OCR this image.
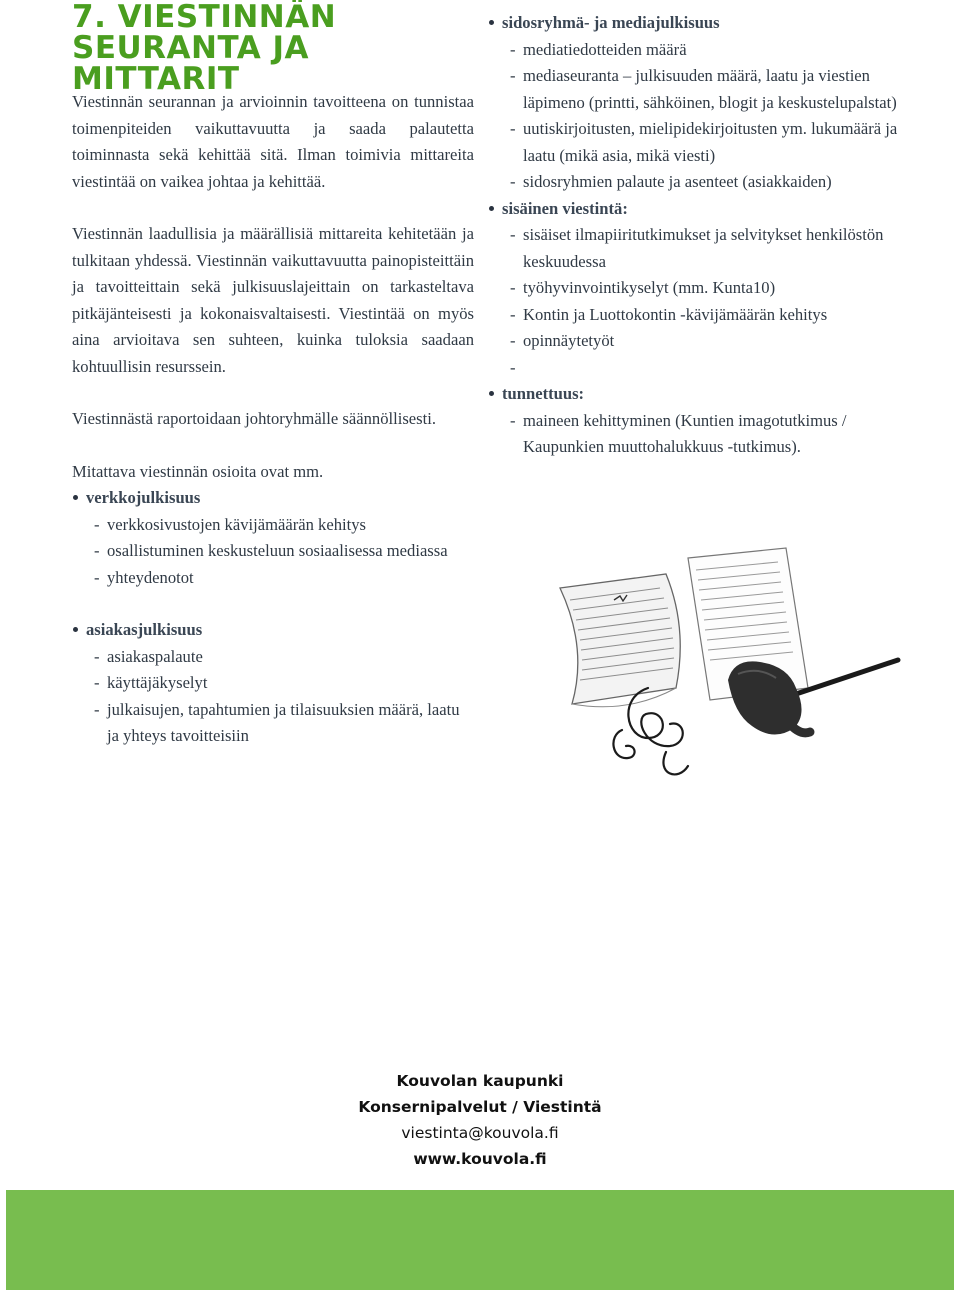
7. VIESTINNÄN
SEURANTA JA MITTARIT

Viestinnän seurannan ja arvioinnin tavoitteena on tunnistaa toimenpiteiden vaikuttavuutta ja saada palautetta toiminnasta sekä kehittää sitä. Ilman toimivia mittareita viestintää on vaikea johtaa ja kehittää.

Viestinnän laadullisia ja määrällisiä mittareita kehitetään ja tulkitaan yhdessä. Viestinnän vaikuttavuutta painopisteittäin ja tavoitteittain sekä julkisuuslajeittain on tarkasteltava pitkäjänteisesti ja kokonaisvaltaisesti. Viestintää on myös aina arvioitava sen suhteen, kuinka tuloksia saadaan kohtuullisin resurssein.

Viestinnästä raportoidaan johtoryhmälle säännöllisesti.

Mitattava viestinnän osioita ovat mm.

verkkojulkisuus
- verkkosivustojen kävijämäärän kehitys
- osallistuminen keskusteluun sosiaalisessa mediassa
- yhteydenotot
asiakasjulkisuus
- asiakaspalaute
- käyttäjäkyselyt
- julkaisujen, tapahtumien ja tilaisuuksien määrä, laatu ja yhteys tavoitteisiin
sidosryhmä- ja mediajulkisuus
- mediatiedotteiden määrä
- mediaseuranta – julkisuuden määrä, laatu ja viestien läpimeno (printti, sähköinen, blogit ja keskustelupalstat)
- uutiskirjoitusten, mielipidekirjoitusten ym. lukumäärä ja laatu (mikä asia, mikä viesti)
- sidosryhmien palaute ja asenteet (asiakkaiden)
sisäinen viestintä:
- sisäiset ilmapiiritutkimukset ja selvitykset henkilöstön keskuudessa
- työhyvinvointikyselyt (mm. Kunta10)
- Kontin ja Luottokontin -kävijämäärän kehitys
- opinnäytetyöt
-
tunnettuus:
- maineen kehittyminen (Kuntien imagotutkimus / Kaupunkien muuttohalukkuus -tutkimus).
Kouvolan kaupunki
Konsernipalvelut / Viestintä
viestinta@kouvola.fi
www.kouvola.fi
